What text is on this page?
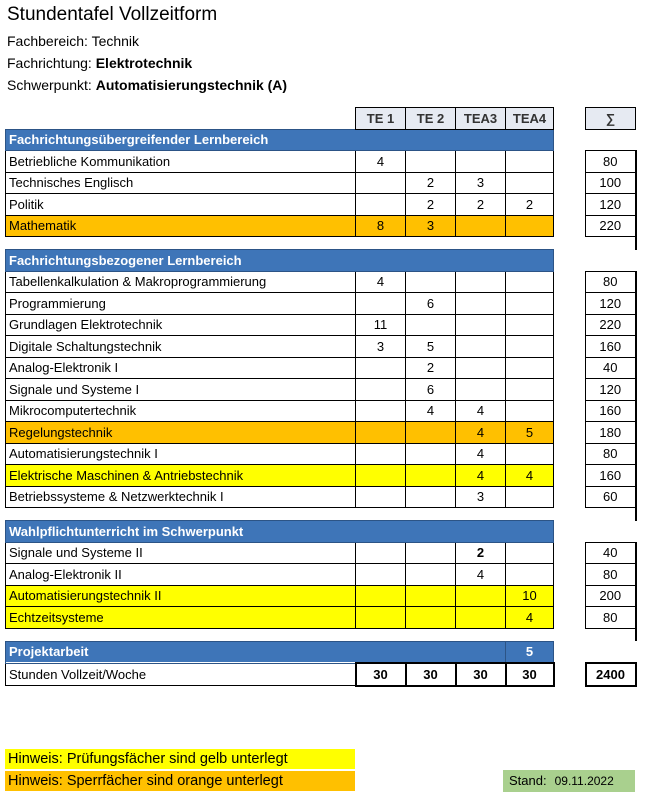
Stundentafel Vollzeitform
Fachbereich: Technik
Fachrichtung: Elektrotechnik
Schwerpunkt: Automatisierungstechnik (A)
	TE 1	TE 2	TEA3	TEA4		∑
Fachrichtungsübergreifender Lernbereich						
Betriebliche Kommunikation	4					80
Technisches Englisch		2	3			100
Politik		2	2	2		120
Mathematik	8	3				220

Fachrichtungsbezogener Lernbereich						
Tabellenkalkulation & Makroprogrammierung	4					80
Programmierung		6				120
Grundlagen Elektrotechnik	11					220
Digitale Schaltungstechnik	3	5				160
Analog-Elektronik I		2				40
Signale und Systeme I		6				120
Mikrocomputertechnik		4	4			160
Regelungstechnik			4	5		180
Automatisierungstechnik I			4			80
Elektrische Maschinen & Antriebstechnik			4	4		160
Betriebssysteme & Netzwerktechnik I			3			60

Wahlpflichtunterricht im Schwerpunkt						
Signale und Systeme II			2			40
Analog-Elektronik II			4			80
Automatisierungstechnik II				10		200
Echtzeitsysteme				4		80

Projektarbeit				5		
Stunden Vollzeit/Woche	30	30	30	30		2400
Hinweis: Prüfungsfächer sind gelb unterlegt
Hinweis: Sperrfächer sind orange unterlegt	Stand: 09.11.2022
